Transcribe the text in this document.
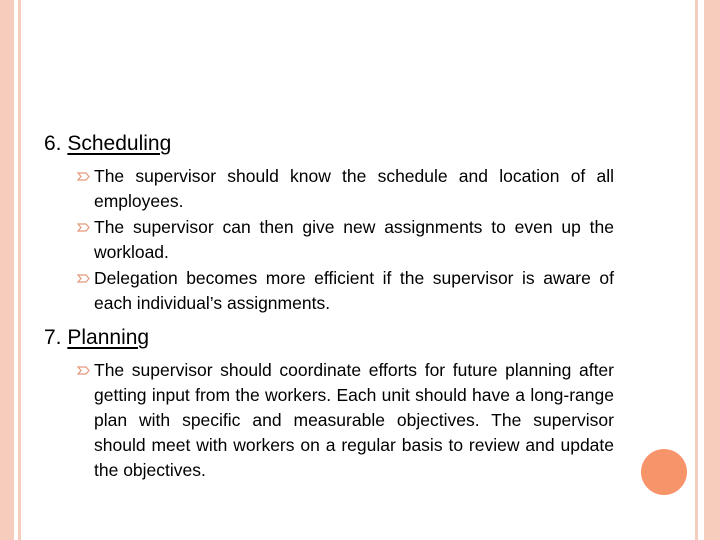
6. Scheduling

The supervisor should know the schedule and location of all employees.
The supervisor can then give new assignments to even up the workload.
Delegation becomes more efficient if the supervisor is aware of each individual’s assignments.

7. Planning

The supervisor should coordinate efforts for future planning after getting input from the workers. Each unit should have a long-range plan with specific and measurable objectives. The supervisor should meet with workers on a regular basis to review and update the objectives.
